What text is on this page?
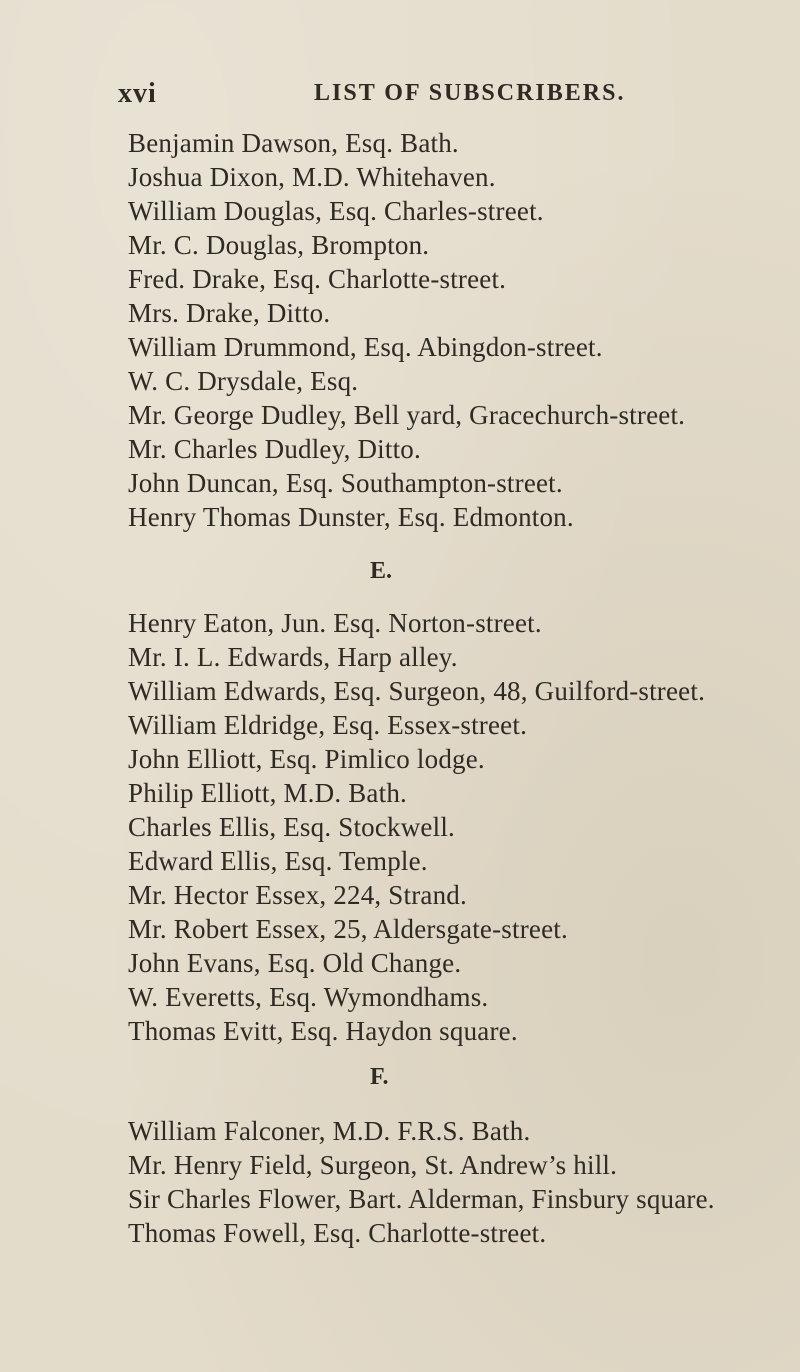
xvi	LIST OF SUBSCRIBERS.
Benjamin Dawson, Esq. Bath.
Joshua Dixon, M.D. Whitehaven.
William Douglas, Esq. Charles-street.
Mr. C. Douglas, Brompton.
Fred. Drake, Esq. Charlotte-street.
Mrs. Drake, Ditto.
William Drummond, Esq. Abingdon-street.
W. C. Drysdale, Esq.
Mr. George Dudley, Bell yard, Gracechurch-street.
Mr. Charles Dudley, Ditto.
John Duncan, Esq. Southampton-street.
Henry Thomas Dunster, Esq. Edmonton.
E.
Henry Eaton, Jun. Esq. Norton-street.
Mr. I. L. Edwards, Harp alley.
William Edwards, Esq. Surgeon, 48, Guilford-street.
William Eldridge, Esq. Essex-street.
John Elliott, Esq. Pimlico lodge.
Philip Elliott, M.D. Bath.
Charles Ellis, Esq. Stockwell.
Edward Ellis, Esq. Temple.
Mr. Hector Essex, 224, Strand.
Mr. Robert Essex, 25, Aldersgate-street.
John Evans, Esq. Old Change.
W. Everetts, Esq. Wymondhams.
Thomas Evitt, Esq. Haydon square.
F.
William Falconer, M.D. F.R.S. Bath.
Mr. Henry Field, Surgeon, St. Andrew’s hill.
Sir Charles Flower, Bart. Alderman, Finsbury square.
Thomas Fowell, Esq. Charlotte-street.
